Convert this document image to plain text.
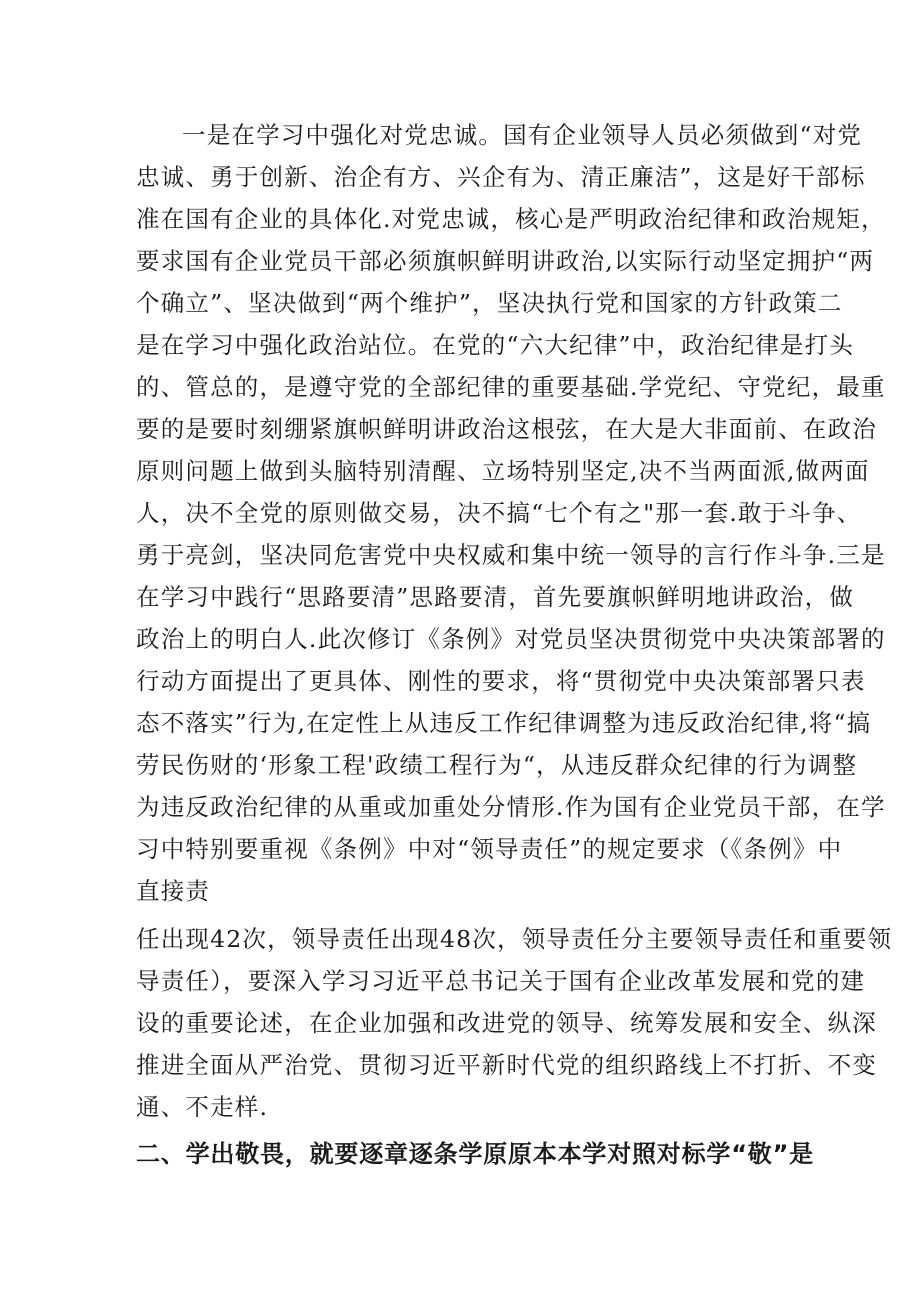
一是在学习中强化对党忠诚。国有企业领导人员必须做到“对党
忠诚、勇于创新、治企有方、兴企有为、清正廉洁”，这是好干部标
准在国有企业的具体化.对党忠诚，核心是严明政治纪律和政治规矩，
要求国有企业党员干部必须旗帜鲜明讲政治,以实际行动坚定拥护“两
个确立”、坚决做到“两个维护”，坚决执行党和国家的方针政策二
是在学习中强化政治站位。在党的“六大纪律”中，政治纪律是打头
的、管总的，是遵守党的全部纪律的重要基础.学党纪、守党纪，最重
要的是要时刻绷紧旗帜鲜明讲政治这根弦，在大是大非面前、在政治
原则问题上做到头脑特别清醒、立场特别坚定,决不当两面派,做两面
人，决不全党的原则做交易，决不搞“七个有之"那一套.敢于斗争、
勇于亮剑，坚决同危害党中央权威和集中统一领导的言行作斗争.三是
在学习中践行“思路要清”思路要清，首先要旗帜鲜明地讲政治，做
政治上的明白人.此次修订《条例》对党员坚决贯彻党中央决策部署的
行动方面提出了更具体、刚性的要求，将“贯彻党中央决策部署只表
态不落实”行为,在定性上从违反工作纪律调整为违反政治纪律,将“搞
劳民伤财的‘形象工程'政绩工程行为“，从违反群众纪律的行为调整
为违反政治纪律的从重或加重处分情形.作为国有企业党员干部，在学
习中特别要重视《条例》中对“领导责任”的规定要求（《条例》中
直接责
任出现42次，领导责任出现48次，领导责任分主要领导责任和重要领
导责任），要深入学习习近平总书记关于国有企业改革发展和党的建
设的重要论述，在企业加强和改进党的领导、统筹发展和安全、纵深
推进全面从严治党、贯彻习近平新时代党的组织路线上不打折、不变
通、不走样.
二、学出敬畏，就要逐章逐条学原原本本学对照对标学“敬”是
